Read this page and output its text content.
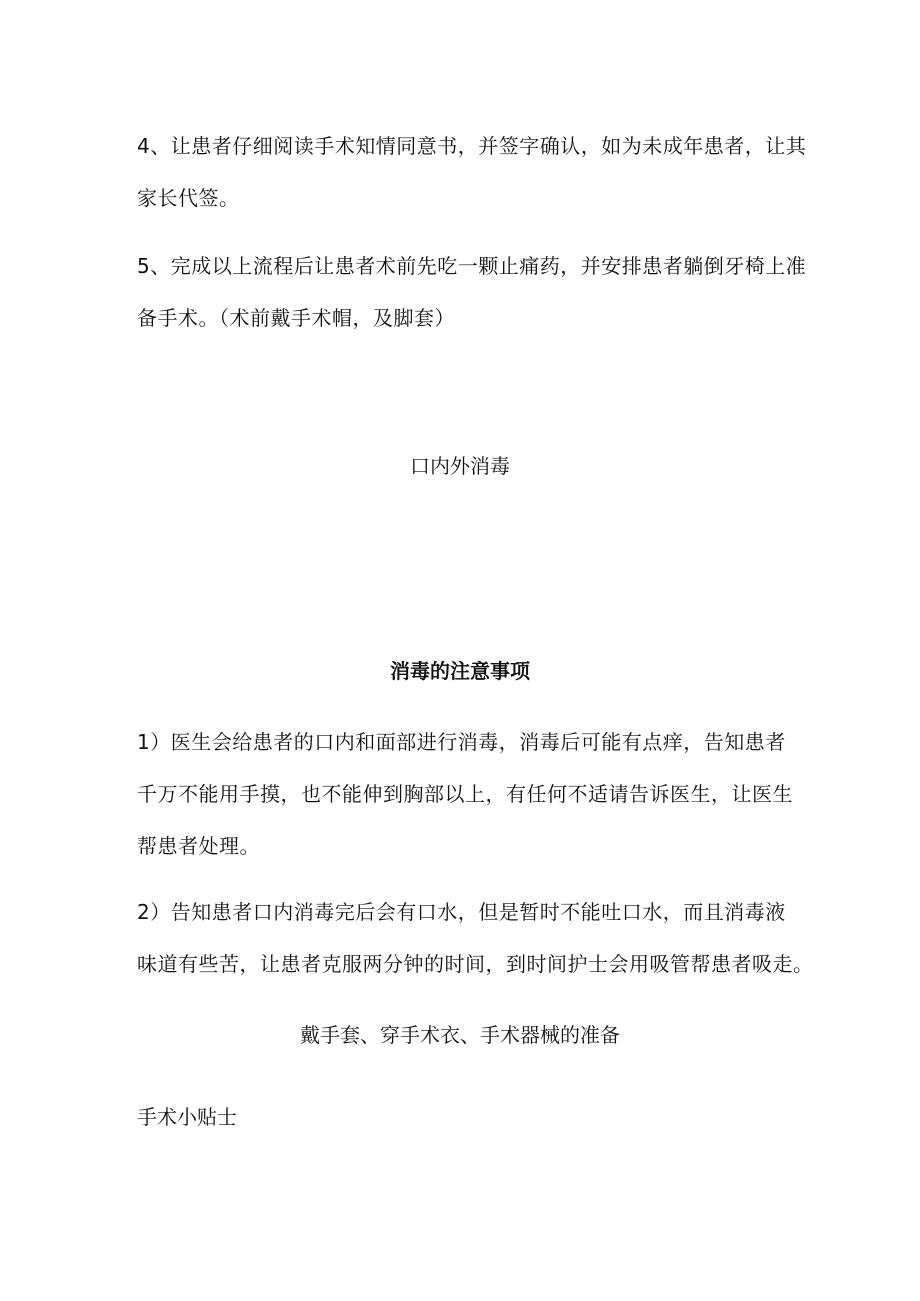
4、让患者仔细阅读手术知情同意书，并签字确认，如为未成年患者，让其
家长代签。

5、完成以上流程后让患者术前先吃一颗止痛药，并安排患者躺倒牙椅上准
备手术。（术前戴手术帽，及脚套）

口内外消毒
消毒的注意事项

1）医生会给患者的口内和面部进行消毒，消毒后可能有点痒，告知患者
千万不能用手摸，也不能伸到胸部以上，有任何不适请告诉医生，让医生
帮患者处理。

2）告知患者口内消毒完后会有口水，但是暂时不能吐口水，而且消毒液
味道有些苦，让患者克服两分钟的时间，到时间护士会用吸管帮患者吸走。

戴手套、穿手术衣、手术器械的准备

手术小贴士
